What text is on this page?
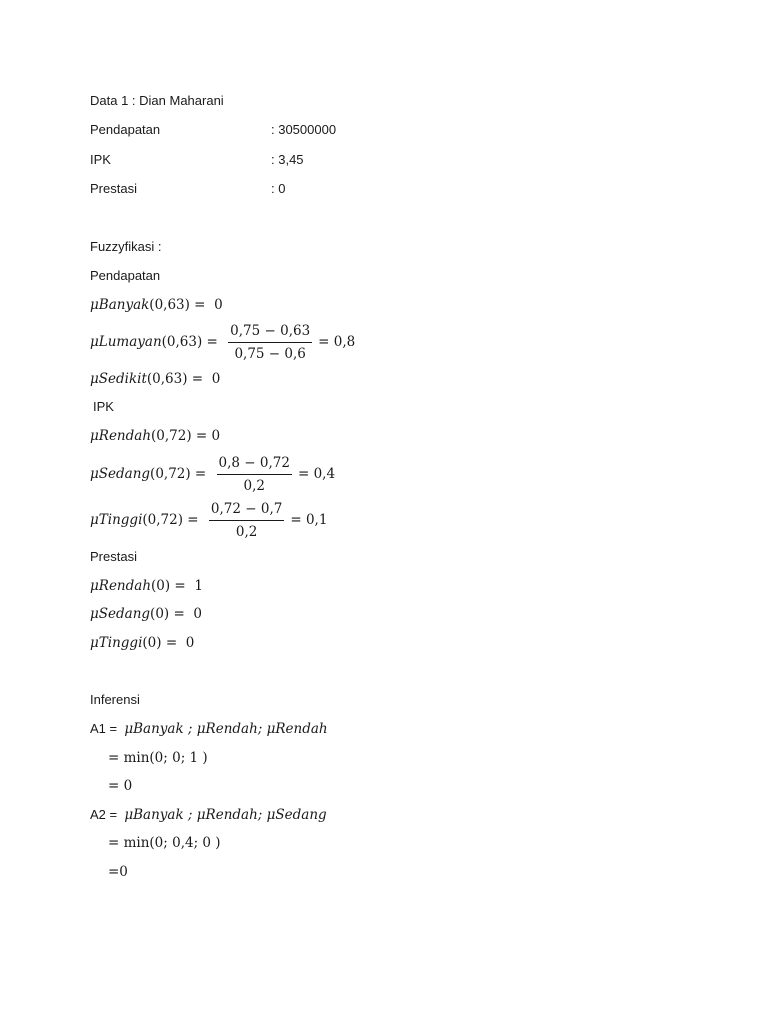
Data 1 : Dian Maharani
Pendapatan	: 30500000
IPK	: 3,45
Prestasi	: 0
Fuzzyfikasi :
Pendapatan
μBanyak(0,63) = 0
μLumayan(0,63) = $\frac{0,75 - 0,63}{0,75 - 0,6} = 0,8$
μSedikit(0,63) = 0
IPK
μRendah(0,72) = 0
μSedang(0,72) = $\frac{0,8 - 0,72}{0,2} = 0,4$
μTinggi(0,72) = $\frac{0,72 - 0,7}{0,2} = 0,1$
Prestasi
μRendah(0) = 1
μSedang(0) = 0
μTinggi(0) = 0
Inferensi
A1 = μBanyak ; μRendah; μRendah
= min(0; 0; 1 )
= 0
A2 = μBanyak ; μRendah; μSedang
= min(0; 0,4; 0 )
=0
